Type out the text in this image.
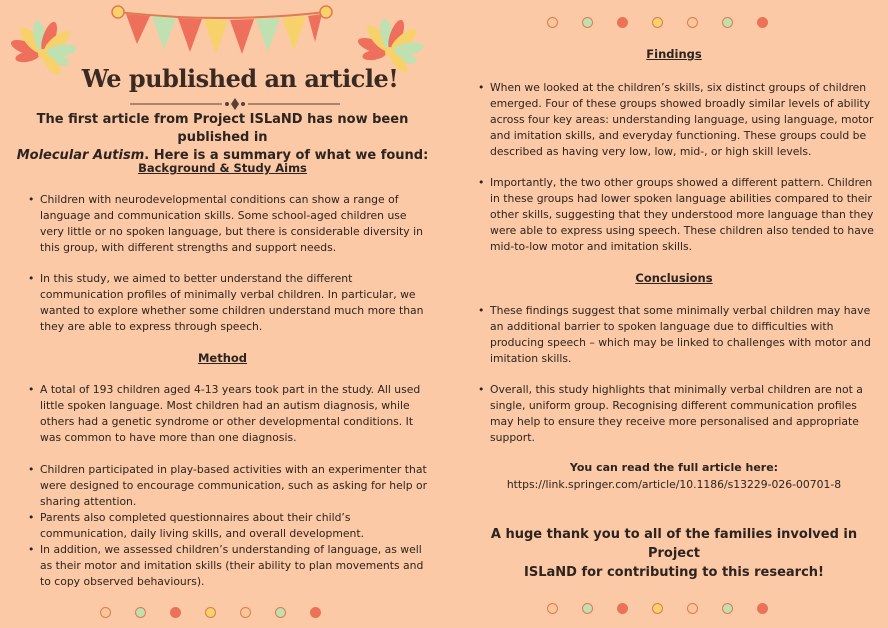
We published an article!
The first article from Project ISLaND has now been published in
Molecular Autism. Here is a summary of what we found:
Background & Study Aims
• Children with neurodevelopmental conditions can show a range of language and communication skills. Some school-aged children use very little or no spoken language, but there is considerable diversity in this group, with different strengths and support needs.
• In this study, we aimed to better understand the different communication profiles of minimally verbal children. In particular, we wanted to explore whether some children understand much more than they are able to express through speech.
Method
• A total of 193 children aged 4-13 years took part in the study. All used little spoken language. Most children had an autism diagnosis, while others had a genetic syndrome or other developmental conditions. It was common to have more than one diagnosis.
• Children participated in play-based activities with an experimenter that were designed to encourage communication, such as asking for help or sharing attention.
• Parents also completed questionnaires about their child’s communication, daily living skills, and overall development.
• In addition, we assessed children’s understanding of language, as well as their motor and imitation skills (their ability to plan movements and to copy observed behaviours).
Findings
• When we looked at the children’s skills, six distinct groups of children emerged. Four of these groups showed broadly similar levels of ability across four key areas: understanding language, using language, motor and imitation skills, and everyday functioning. These groups could be described as having very low, low, mid-, or high skill levels.
• Importantly, the two other groups showed a different pattern. Children in these groups had lower spoken language abilities compared to their other skills, suggesting that they understood more language than they were able to express using speech. These children also tended to have mid-to-low motor and imitation skills.
Conclusions
• These findings suggest that some minimally verbal children may have an additional barrier to spoken language due to difficulties with producing speech – which may be linked to challenges with motor and imitation skills.
• Overall, this study highlights that minimally verbal children are not a single, uniform group. Recognising different communication profiles may help to ensure they receive more personalised and appropriate support.
You can read the full article here:
https://link.springer.com/article/10.1186/s13229-026-00701-8
A huge thank you to all of the families involved in Project
ISLaND for contributing to this research!
